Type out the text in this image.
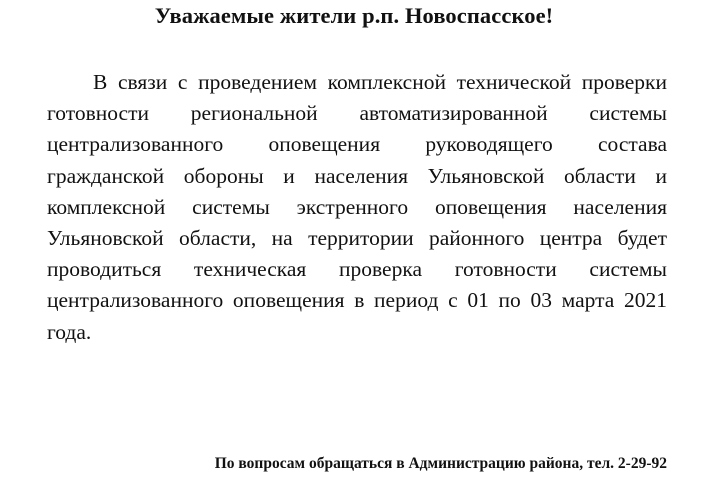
Уважаемые жители р.п. Новоспасское!

В связи с проведением комплексной технической проверки готовности региональной автоматизированной системы централизованного оповещения руководящего состава гражданской обороны и населения Ульяновской области и комплексной системы экстренного оповещения населения Ульяновской области, на территории районного центра будет проводиться техническая проверка готовности системы централизованного оповещения в период с 01 по 03 марта 2021 года.

По вопросам обращаться в Администрацию района, тел. 2-29-92
